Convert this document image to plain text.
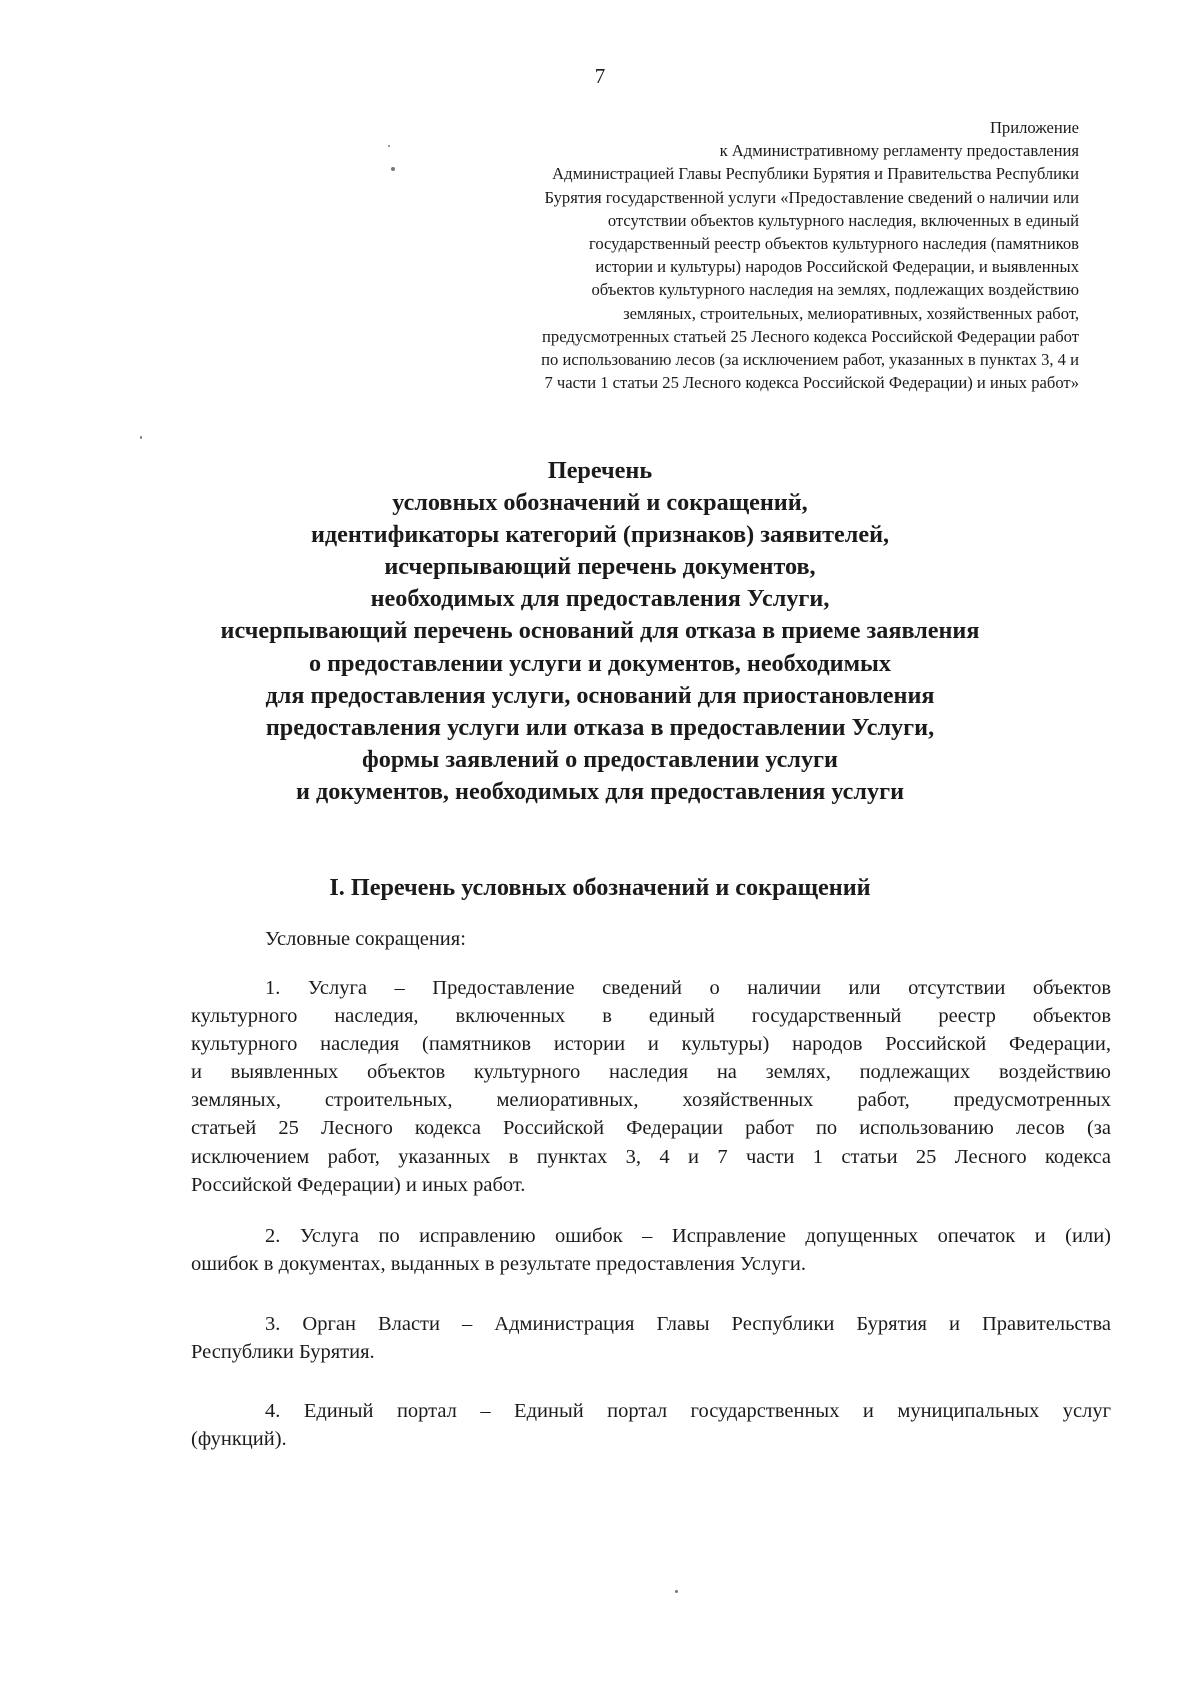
7
Приложение
к Административному регламенту предоставления
Администрацией Главы Республики Бурятия и Правительства Республики
Бурятия государственной услуги «Предоставление сведений о наличии или
отсутствии объектов культурного наследия, включенных в единый
государственный реестр объектов культурного наследия (памятников
истории и культуры) народов Российской Федерации, и выявленных
объектов культурного наследия на землях, подлежащих воздействию
земляных, строительных, мелиоративных, хозяйственных работ,
предусмотренных статьей 25 Лесного кодекса Российской Федерации работ
по использованию лесов (за исключением работ, указанных в пунктах 3, 4 и
7 части 1 статьи 25 Лесного кодекса Российской Федерации) и иных работ»
Перечень
условных обозначений и сокращений,
идентификаторы категорий (признаков) заявителей,
исчерпывающий перечень документов,
необходимых для предоставления Услуги,
исчерпывающий перечень оснований для отказа в приеме заявления
о предоставлении услуги и документов, необходимых
для предоставления услуги, оснований для приостановления
предоставления услуги или отказа в предоставлении Услуги,
формы заявлений о предоставлении услуги
и документов, необходимых для предоставления услуги
I. Перечень условных обозначений и сокращений
Условные сокращения:
1. Услуга – Предоставление сведений о наличии или отсутствии объектов
культурного наследия, включенных в единый государственный реестр объектов
культурного наследия (памятников истории и культуры) народов Российской Федерации,
и выявленных объектов культурного наследия на землях, подлежащих воздействию
земляных, строительных, мелиоративных, хозяйственных работ, предусмотренных
статьей 25 Лесного кодекса Российской Федерации работ по использованию лесов (за
исключением работ, указанных в пунктах 3, 4 и 7 части 1 статьи 25 Лесного кодекса
Российской Федерации) и иных работ.
2. Услуга по исправлению ошибок – Исправление допущенных опечаток и (или)
ошибок в документах, выданных в результате предоставления Услуги.
3. Орган Власти – Администрация Главы Республики Бурятия и Правительства
Республики Бурятия.
4. Единый портал – Единый портал государственных и муниципальных услуг
(функций).
